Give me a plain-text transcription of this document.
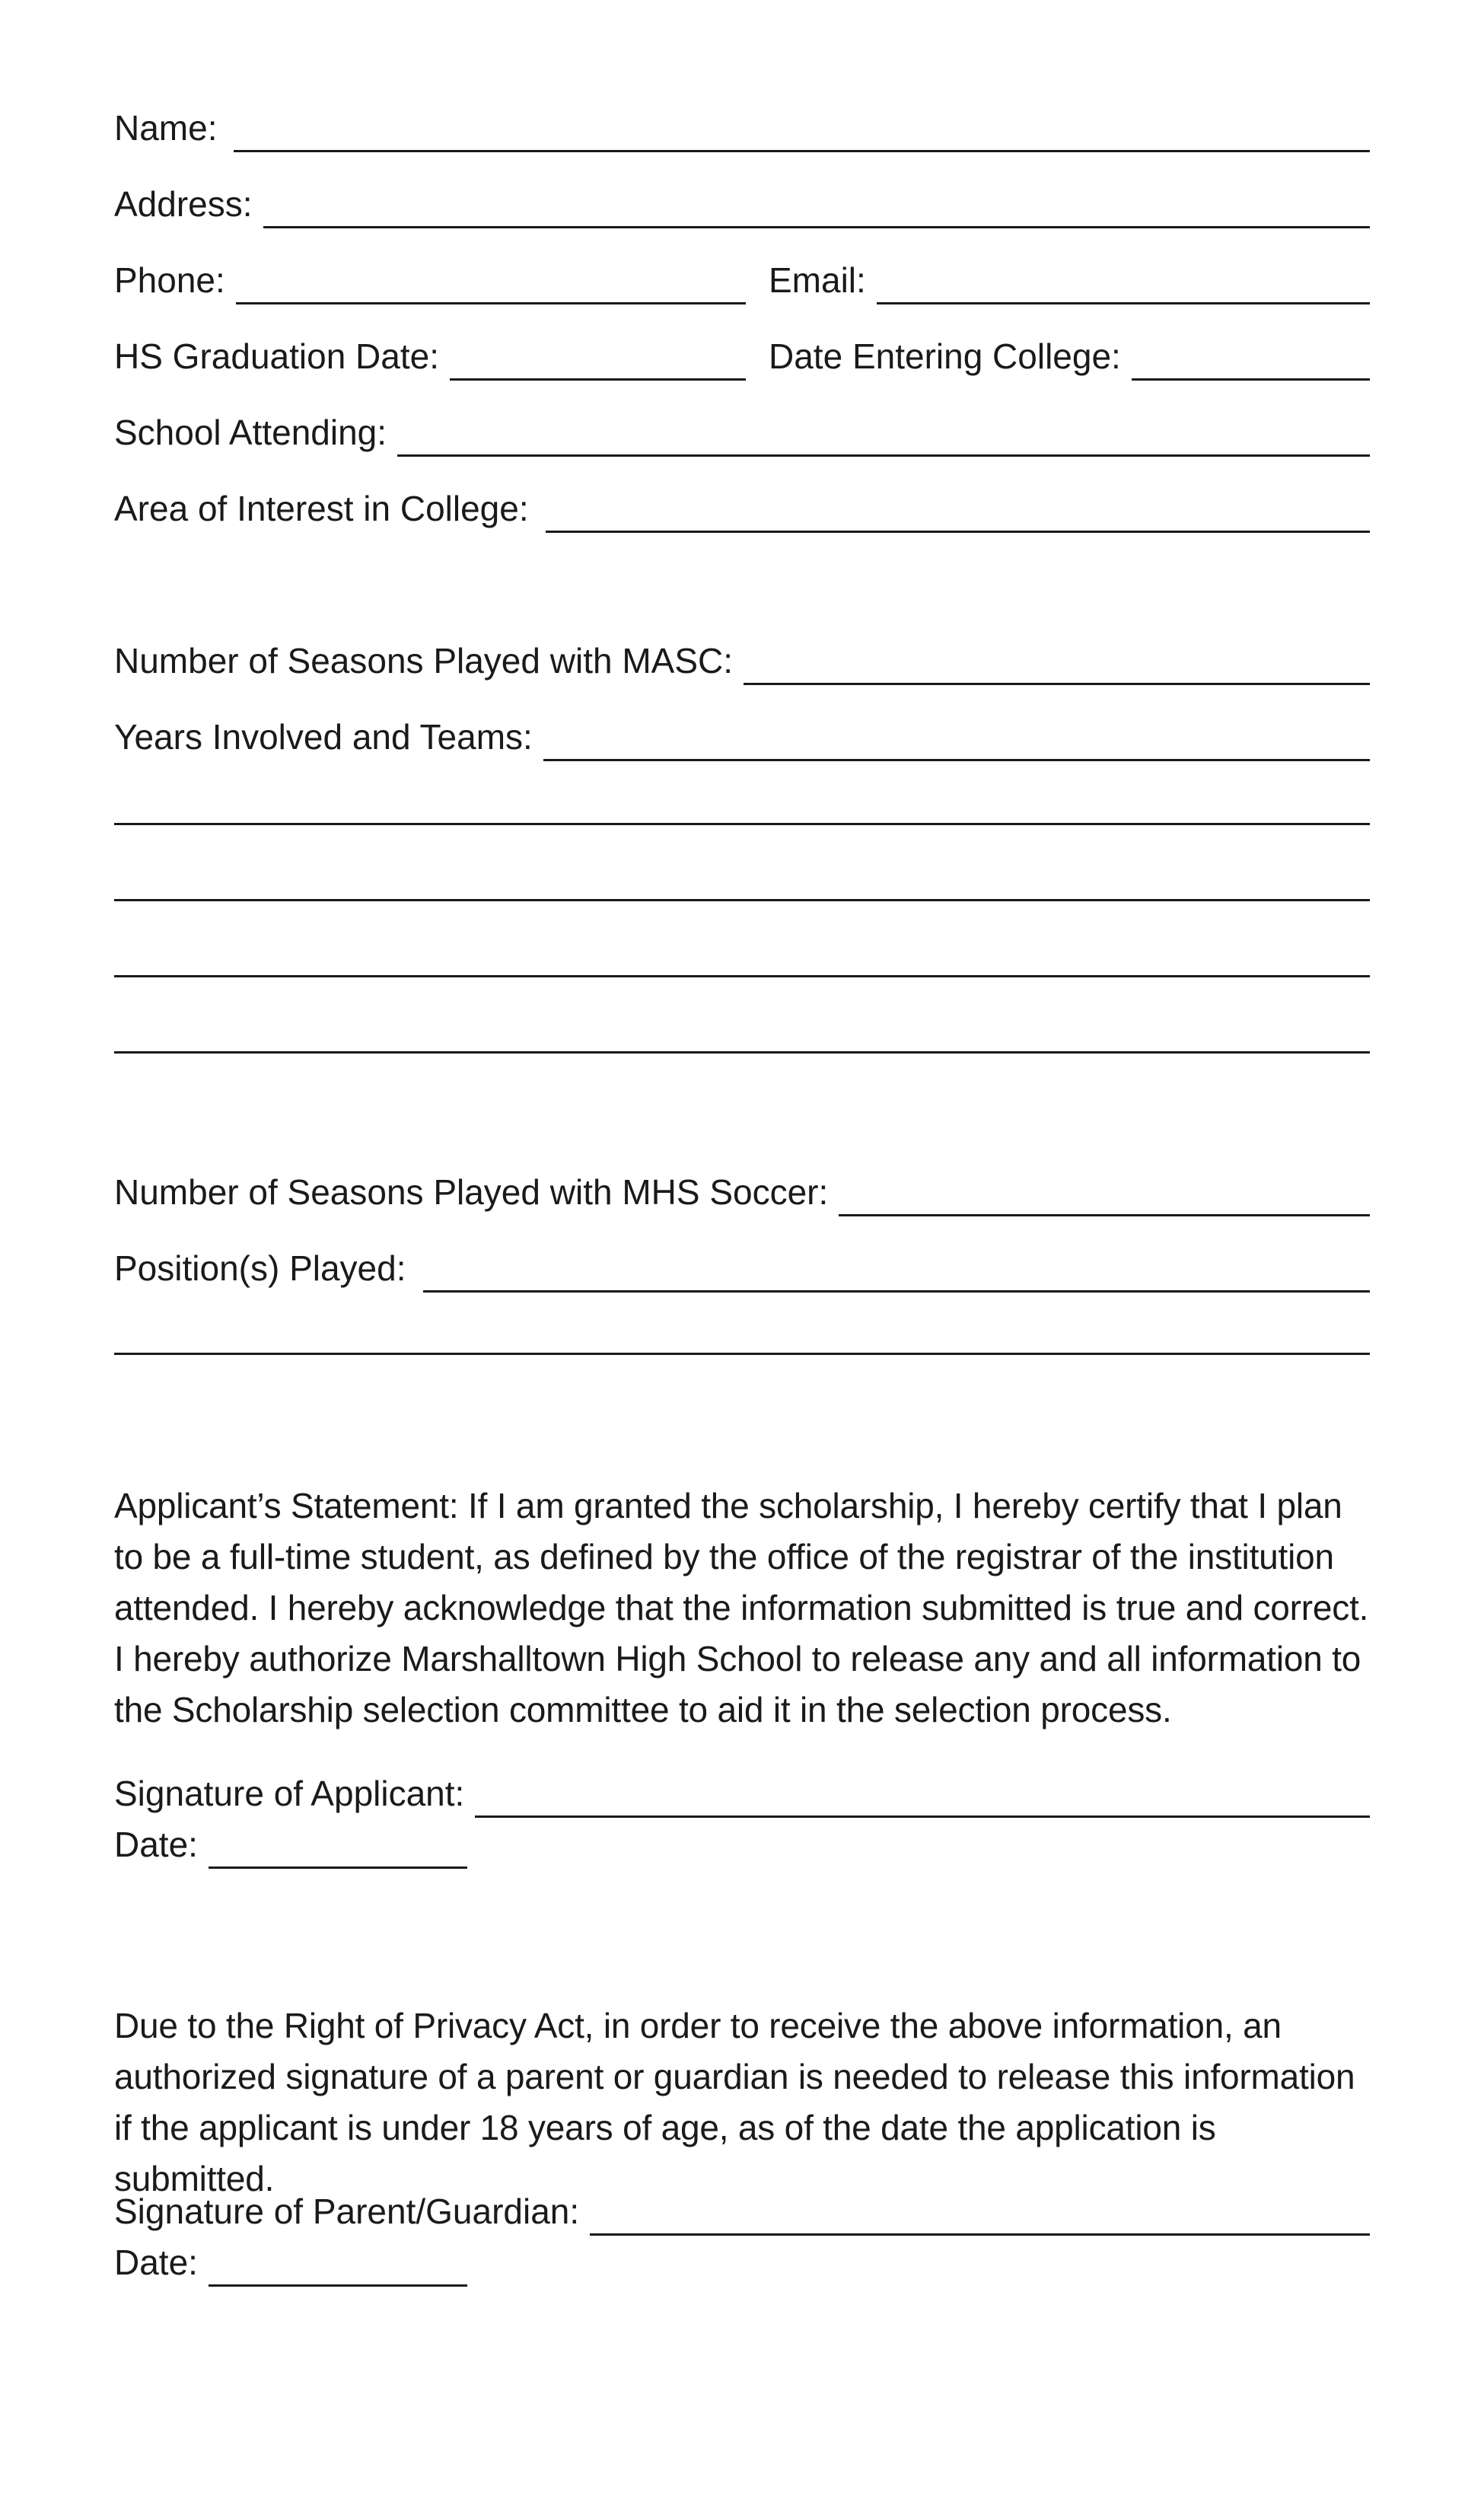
Name:
Address:
Phone:	Email:
HS Graduation Date:	Date Entering College:
School Attending:
Area of Interest in College:
Number of Seasons Played with MASC:
Years Involved and Teams:
Number of Seasons Played with MHS Soccer:
Position(s) Played:

Applicant’s Statement: If I am granted the scholarship, I hereby certify that I plan to be a full-time student, as defined by the office of the registrar of the institution attended. I hereby acknowledge that the information submitted is true and correct. I hereby authorize Marshalltown High School to release any and all information to the Scholarship selection committee to aid it in the selection process.

Signature of Applicant:
Date:

Due to the Right of Privacy Act, in order to receive the above information, an authorized signature of a parent or guardian is needed to release this information if the applicant is under 18 years of age, as of the date the application is submitted.

Signature of Parent/Guardian:
Date:
